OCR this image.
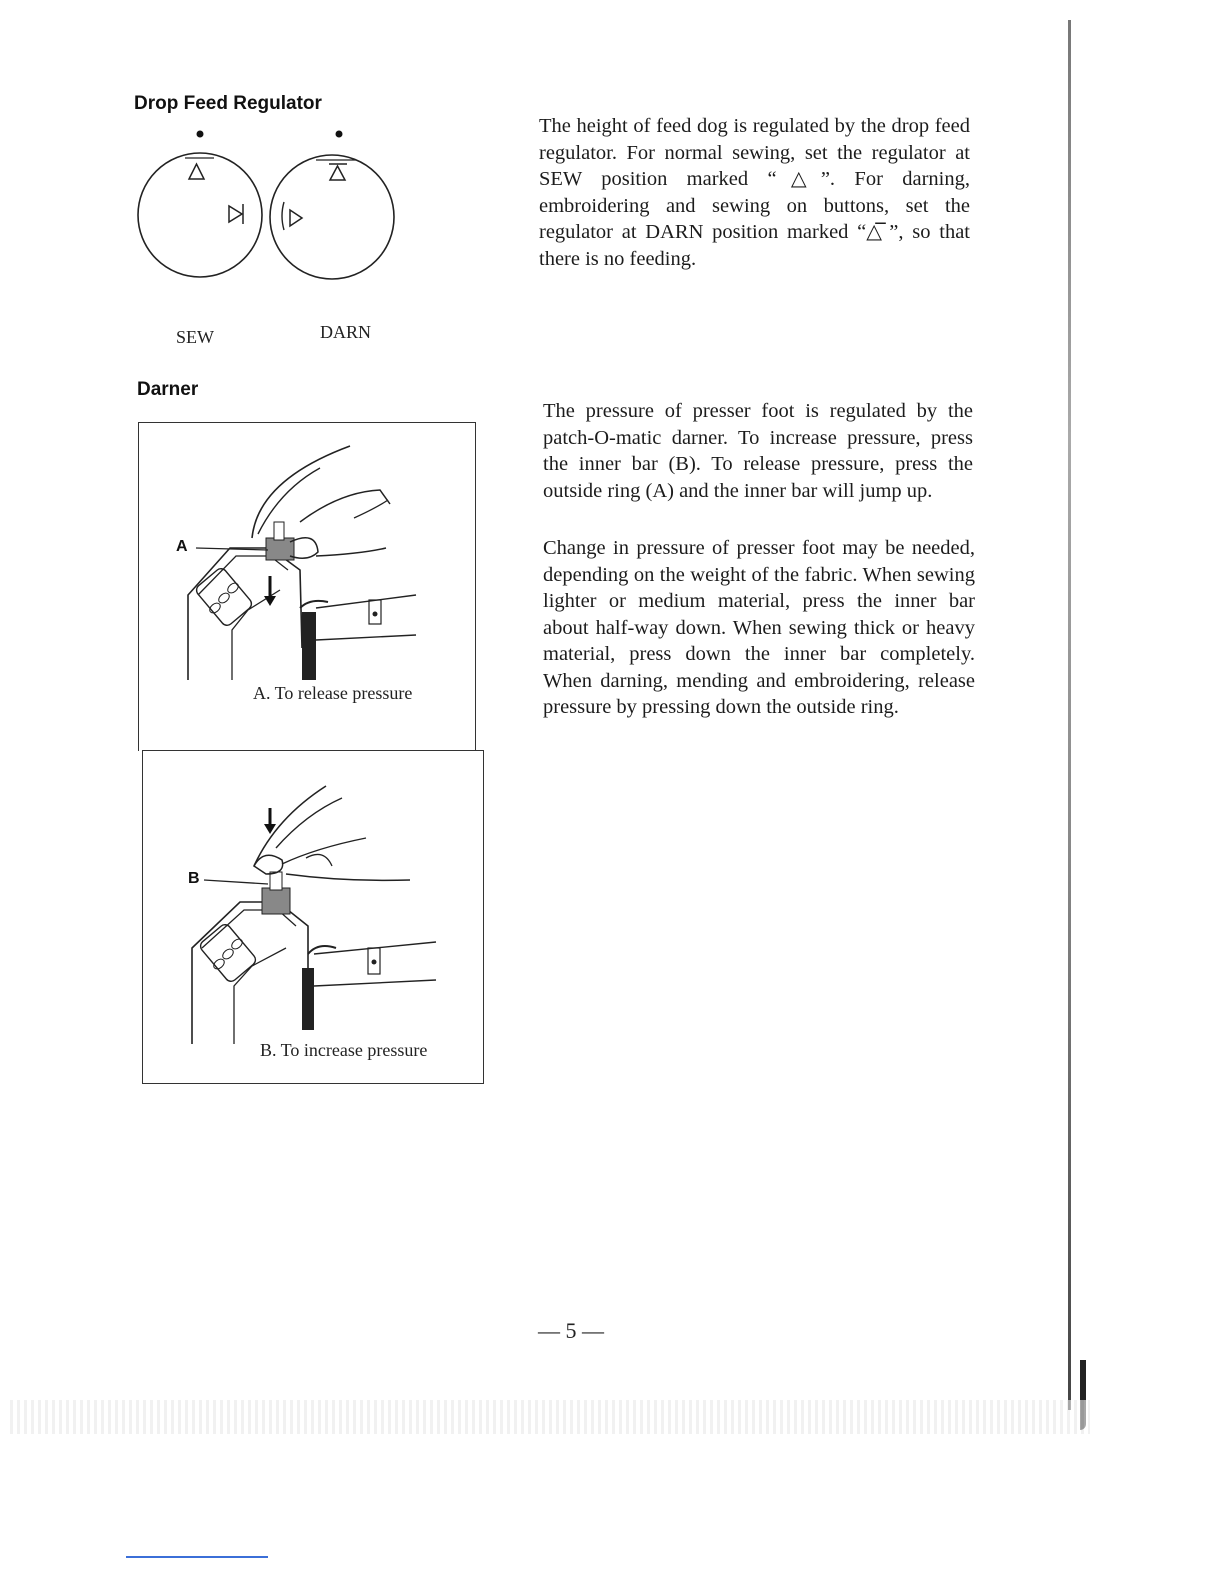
Drop Feed Regulator
SEW	DARN

The height of feed dog is regulated by the drop feed regulator. For normal sewing, set the regulator at SEW position marked “△”. For darning, embroidering and sewing on buttons, set the regulator at DARN position marked “△̅”, so that there is no feeding.

Darner
A
A. To release pressure
B
B. To increase pressure

The pressure of presser foot is regulated by the patch-O-matic darner. To increase pressure, press the inner bar (B). To release pressure, press the outside ring (A) and the inner bar will jump up.

Change in pressure of presser foot may be needed, depending on the weight of the fabric. When sewing lighter or medium material, press the inner bar about half-way down. When sewing thick or heavy material, press down the inner bar completely. When darning, mending and embroidering, release pressure by pressing down the outside ring.

— 5 —
